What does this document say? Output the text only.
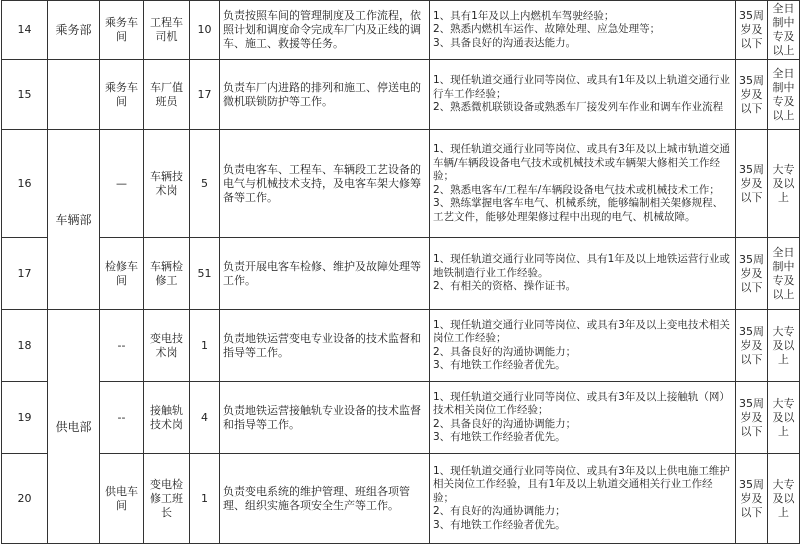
14	乘务部	乘务车间	工程车司机	10	负责按照车间的管理制度及工作流程，依照计划和调度命令完成车厂内及正线的调车、施工、救援等任务。	1、具有1年及以上内燃机车驾驶经验；
2、熟悉内燃机车运作、故障处理、应急处理等；
3、具备良好的沟通表达能力。	35周岁及以下	全日制中专及以上
15		乘务车间	车厂值班员	17	负责车厂内进路的排列和施工、停送电的微机联锁防护等工作。	1、现任轨道交通行业同等岗位、或具有1年及以上轨道交通行业行车工作经验；
2、熟悉微机联锁设备或熟悉车厂接发列车作业和调车作业流程	35周岁及以下	全日制中专及以上
16	车辆部	—	车辆技术岗	5	负责电客车、工程车、车辆段工艺设备的电气与机械技术支持，及电客车架大修筹备等工作。	1、现任轨道交通行业同等岗位、或具有3年及以上城市轨道交通车辆/车辆段设备电气技术或机械技术或车辆架大修相关工作经验；
2、熟悉电客车/工程车/车辆段设备电气技术或机械技术工作；
3、熟练掌握电客车电气、机械系统，能够编制相关架修规程、工艺文件，能够处理架修过程中出现的电气、机械故障。	35周岁及以下	大专及以上
17		检修车间	车辆检修工	51	负责开展电客车检修、维护及故障处理等工作。	1、现任轨道交通行业同等岗位、具有1年及以上地铁运营行业或地铁制造行业工作经验。
2、有相关的资格、操作证书。	35周岁及以下	全日制中专及以上
18	供电部	--	变电技术岗	1	负责地铁运营变电专业设备的技术监督和指导等工作。	1、现任轨道交通行业同等岗位、或具有3年及以上变电技术相关岗位工作经验；
2、具备良好的沟通协调能力；
3、有地铁工作经验者优先。	35周岁及以下	大专及以上
19		--	接触轨技术岗	4	负责地铁运营接触轨专业设备的技术监督和指导等工作。	1、现任轨道交通行业同等岗位、或具有3年及以上接触轨（网）技术相关岗位工作经验；
2、具备良好的沟通协调能力；
3、有地铁工作经验者优先。	35周岁及以下	大专及以上
20		供电车间	变电检修工班长	1	负责变电系统的维护管理、班组各项管理、组织实施各项安全生产等工作。	1、现任轨道交通行业同等岗位、或具有3年及以上供电施工维护相关岗位工作经验，且有1年及以上轨道交通相关行业工作经验；
2、有良好的沟通协调能力；
3、有地铁工作经验者优先。	35周岁及以下	大专及以上
